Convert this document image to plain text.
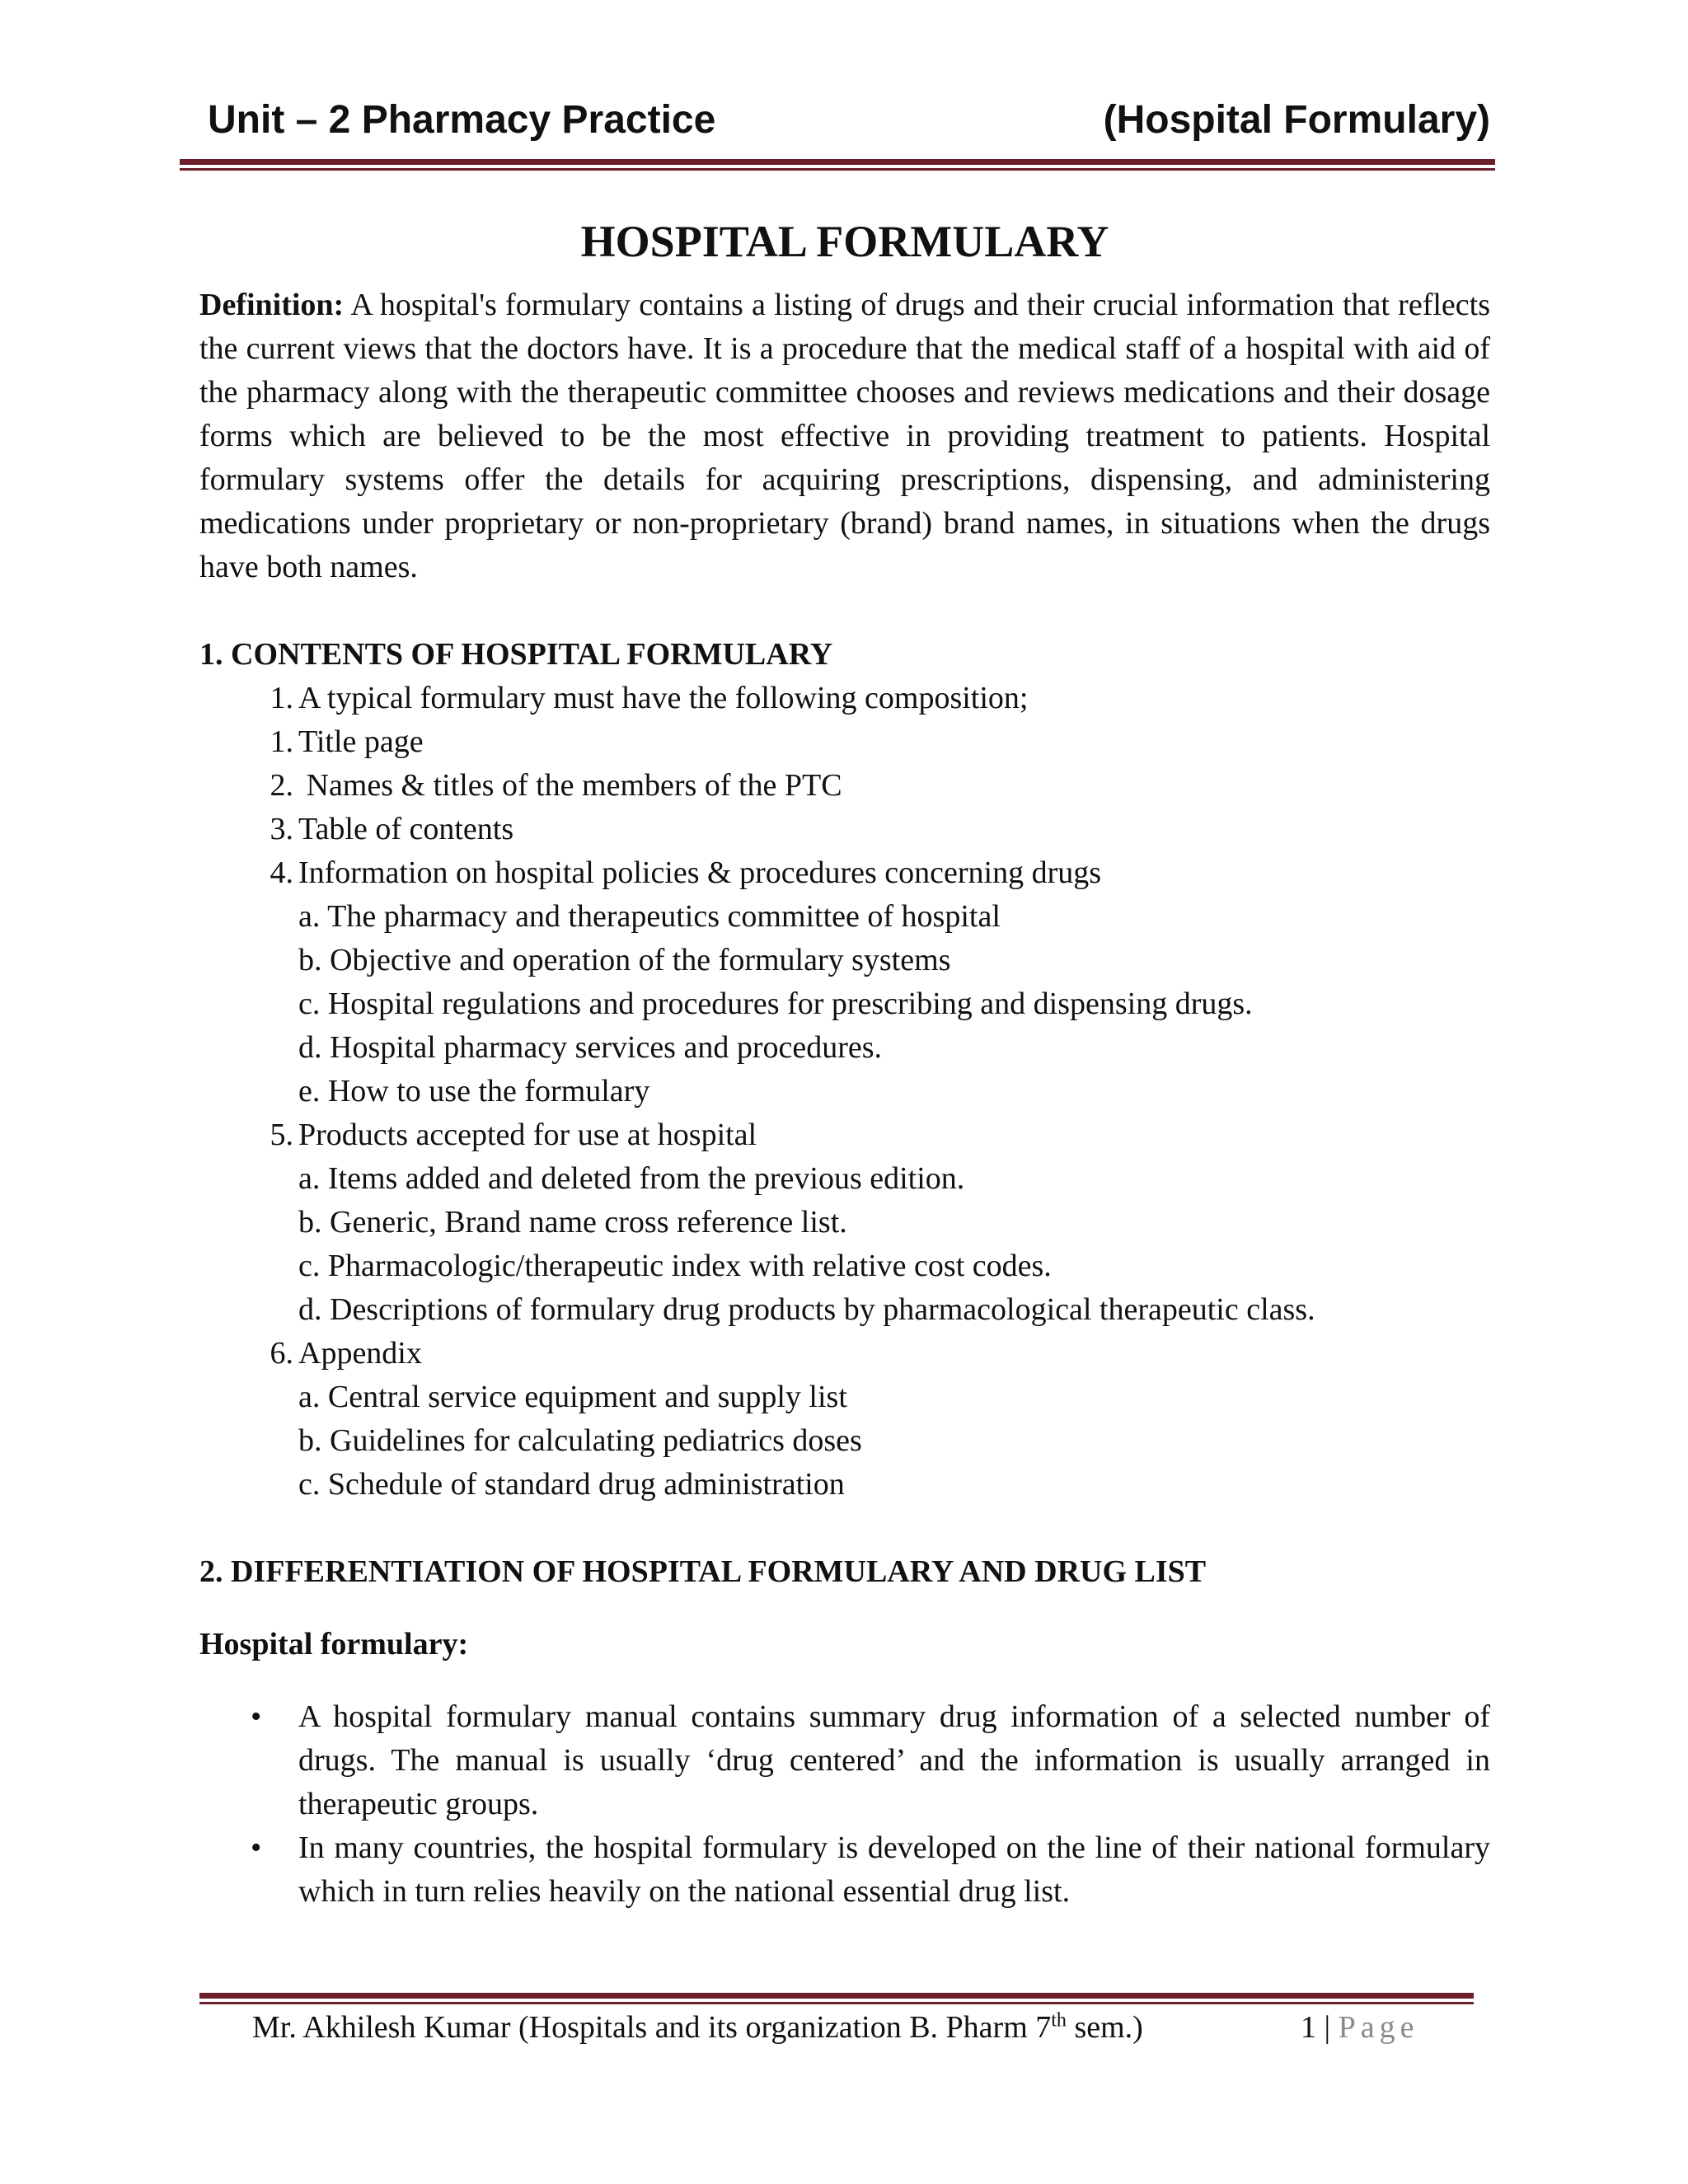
Unit – 2 Pharmacy Practice	(Hospital Formulary)
HOSPITAL FORMULARY

Definition: A hospital's formulary contains a listing of drugs and their crucial information that reflects the current views that the doctors have. It is a procedure that the medical staff of a hospital with aid of the pharmacy along with the therapeutic committee chooses and reviews medications and their dosage forms which are believed to be the most effective in providing treatment to patients. Hospital formulary systems offer the details for acquiring prescriptions, dispensing, and administering medications under proprietary or non-proprietary (brand) brand names, in situations when the drugs have both names.

1. CONTENTS OF HOSPITAL FORMULARY
1. A typical formulary must have the following composition;
1. Title page
2. Names & titles of the members of the PTC
3. Table of contents
4. Information on hospital policies & procedures concerning drugs
a. The pharmacy and therapeutics committee of hospital
b. Objective and operation of the formulary systems
c. Hospital regulations and procedures for prescribing and dispensing drugs.
d. Hospital pharmacy services and procedures.
e. How to use the formulary
5. Products accepted for use at hospital
a. Items added and deleted from the previous edition.
b. Generic, Brand name cross reference list.
c. Pharmacologic/therapeutic index with relative cost codes.
d. Descriptions of formulary drug products by pharmacological therapeutic class.
6. Appendix
a. Central service equipment and supply list
b. Guidelines for calculating pediatrics doses
c. Schedule of standard drug administration
2. DIFFERENTIATION OF HOSPITAL FORMULARY AND DRUG LIST
Hospital formulary:
• A hospital formulary manual contains summary drug information of a selected number of drugs. The manual is usually ‘drug centered’ and the information is usually arranged in therapeutic groups.
• In many countries, the hospital formulary is developed on the line of their national formulary which in turn relies heavily on the national essential drug list.
Mr. Akhilesh Kumar (Hospitals and its organization B. Pharm 7th sem.)	1 | Page
